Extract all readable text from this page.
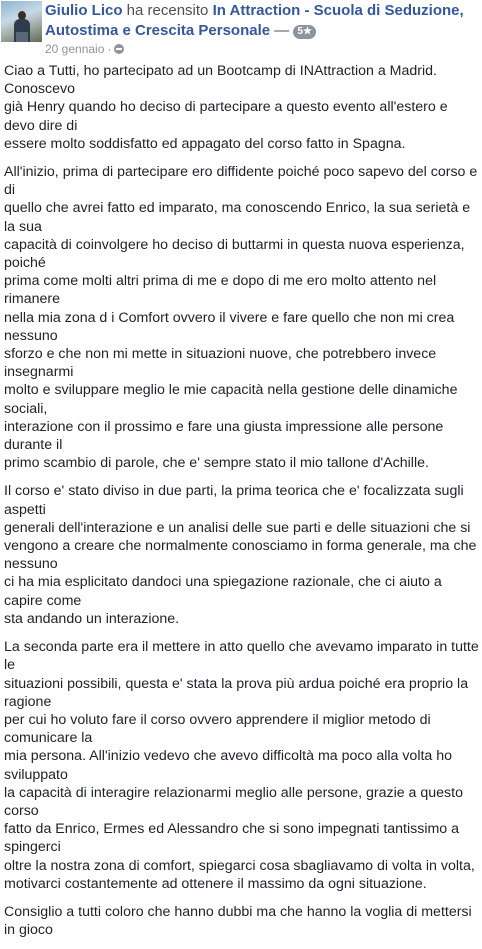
Giulio Lico ha recensito In Attraction - Scuola di Seduzione, Autostima e Crescita Personale — 5★
20 gennaio ·

Ciao a Tutti, ho partecipato ad un Bootcamp di INAttraction a Madrid. Conoscevo
già Henry quando ho deciso di partecipare a questo evento all'estero e devo dire di
essere molto soddisfatto ed appagato del corso fatto in Spagna.

All'inizio, prima di partecipare ero diffidente poiché poco sapevo del corso e di
quello che avrei fatto ed imparato, ma conoscendo Enrico, la sua serietà e la sua
capacità di coinvolgere ho deciso di buttarmi in questa nuova esperienza, poiché
prima come molti altri prima di me e dopo di me ero molto attento nel rimanere
nella mia zona d i Comfort ovvero il vivere e fare quello che non mi crea nessuno
sforzo e che non mi mette in situazioni nuove, che potrebbero invece insegnarmi
molto e sviluppare meglio le mie capacità nella gestione delle dinamiche sociali,
interazione con il prossimo e fare una giusta impressione alle persone durante il
primo scambio di parole, che e' sempre stato il mio tallone d'Achille.

Il corso e' stato diviso in due parti, la prima teorica che e' focalizzata sugli aspetti
generali dell'interazione e un analisi delle sue parti e delle situazioni che si
vengono a creare che normalmente conosciamo in forma generale, ma che nessuno
ci ha mia esplicitato dandoci una spiegazione razionale, che ci aiuto a capire come
sta andando un interazione.

La seconda parte era il mettere in atto quello che avevamo imparato in tutte le
situazioni possibili, questa e' stata la prova più ardua poiché era proprio la ragione
per cui ho voluto fare il corso ovvero apprendere il miglior metodo di comunicare la
mia persona. All'inizio vedevo che avevo difficoltà ma poco alla volta ho sviluppato
la capacità di interagire relazionarmi meglio alle persone, grazie a questo corso
fatto da Enrico, Ermes ed Alessandro che si sono impegnati tantissimo a spingerci
oltre la nostra zona di comfort, spiegarci cosa sbagliavamo di volta in volta,
motivarci costantemente ad ottenere il massimo da ogni situazione.

Consiglio a tutti coloro che hanno dubbi ma che hanno la voglia di mettersi in gioco
